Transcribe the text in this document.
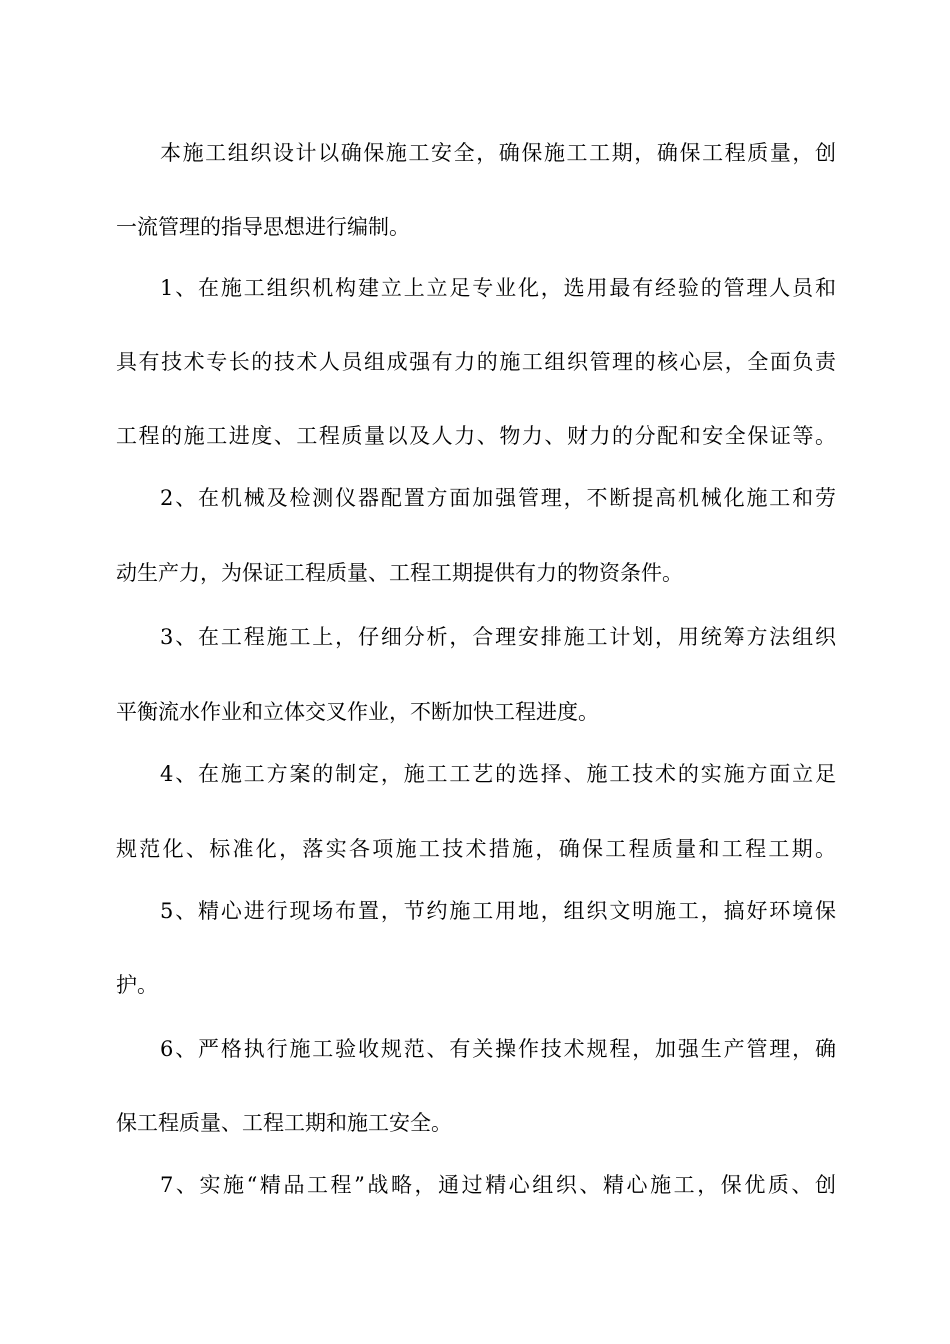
本施工组织设计以确保施工安全，确保施工工期，确保工程质量，创
一流管理的指导思想进行编制。
1、在施工组织机构建立上立足专业化，选用最有经验的管理人员和
具有技术专长的技术人员组成强有力的施工组织管理的核心层，全面负责
工程的施工进度、工程质量以及人力、物力、财力的分配和安全保证等。
2、在机械及检测仪器配置方面加强管理，不断提高机械化施工和劳
动生产力，为保证工程质量、工程工期提供有力的物资条件。
3、在工程施工上，仔细分析，合理安排施工计划，用统筹方法组织
平衡流水作业和立体交叉作业，不断加快工程进度。
4、在施工方案的制定，施工工艺的选择、施工技术的实施方面立足
规范化、标准化，落实各项施工技术措施，确保工程质量和工程工期。
5、精心进行现场布置，节约施工用地，组织文明施工，搞好环境保
护。
6、严格执行施工验收规范、有关操作技术规程，加强生产管理，确
保工程质量、工程工期和施工安全。
7、实施“精品工程”战略，通过精心组织、精心施工，保优质、创
